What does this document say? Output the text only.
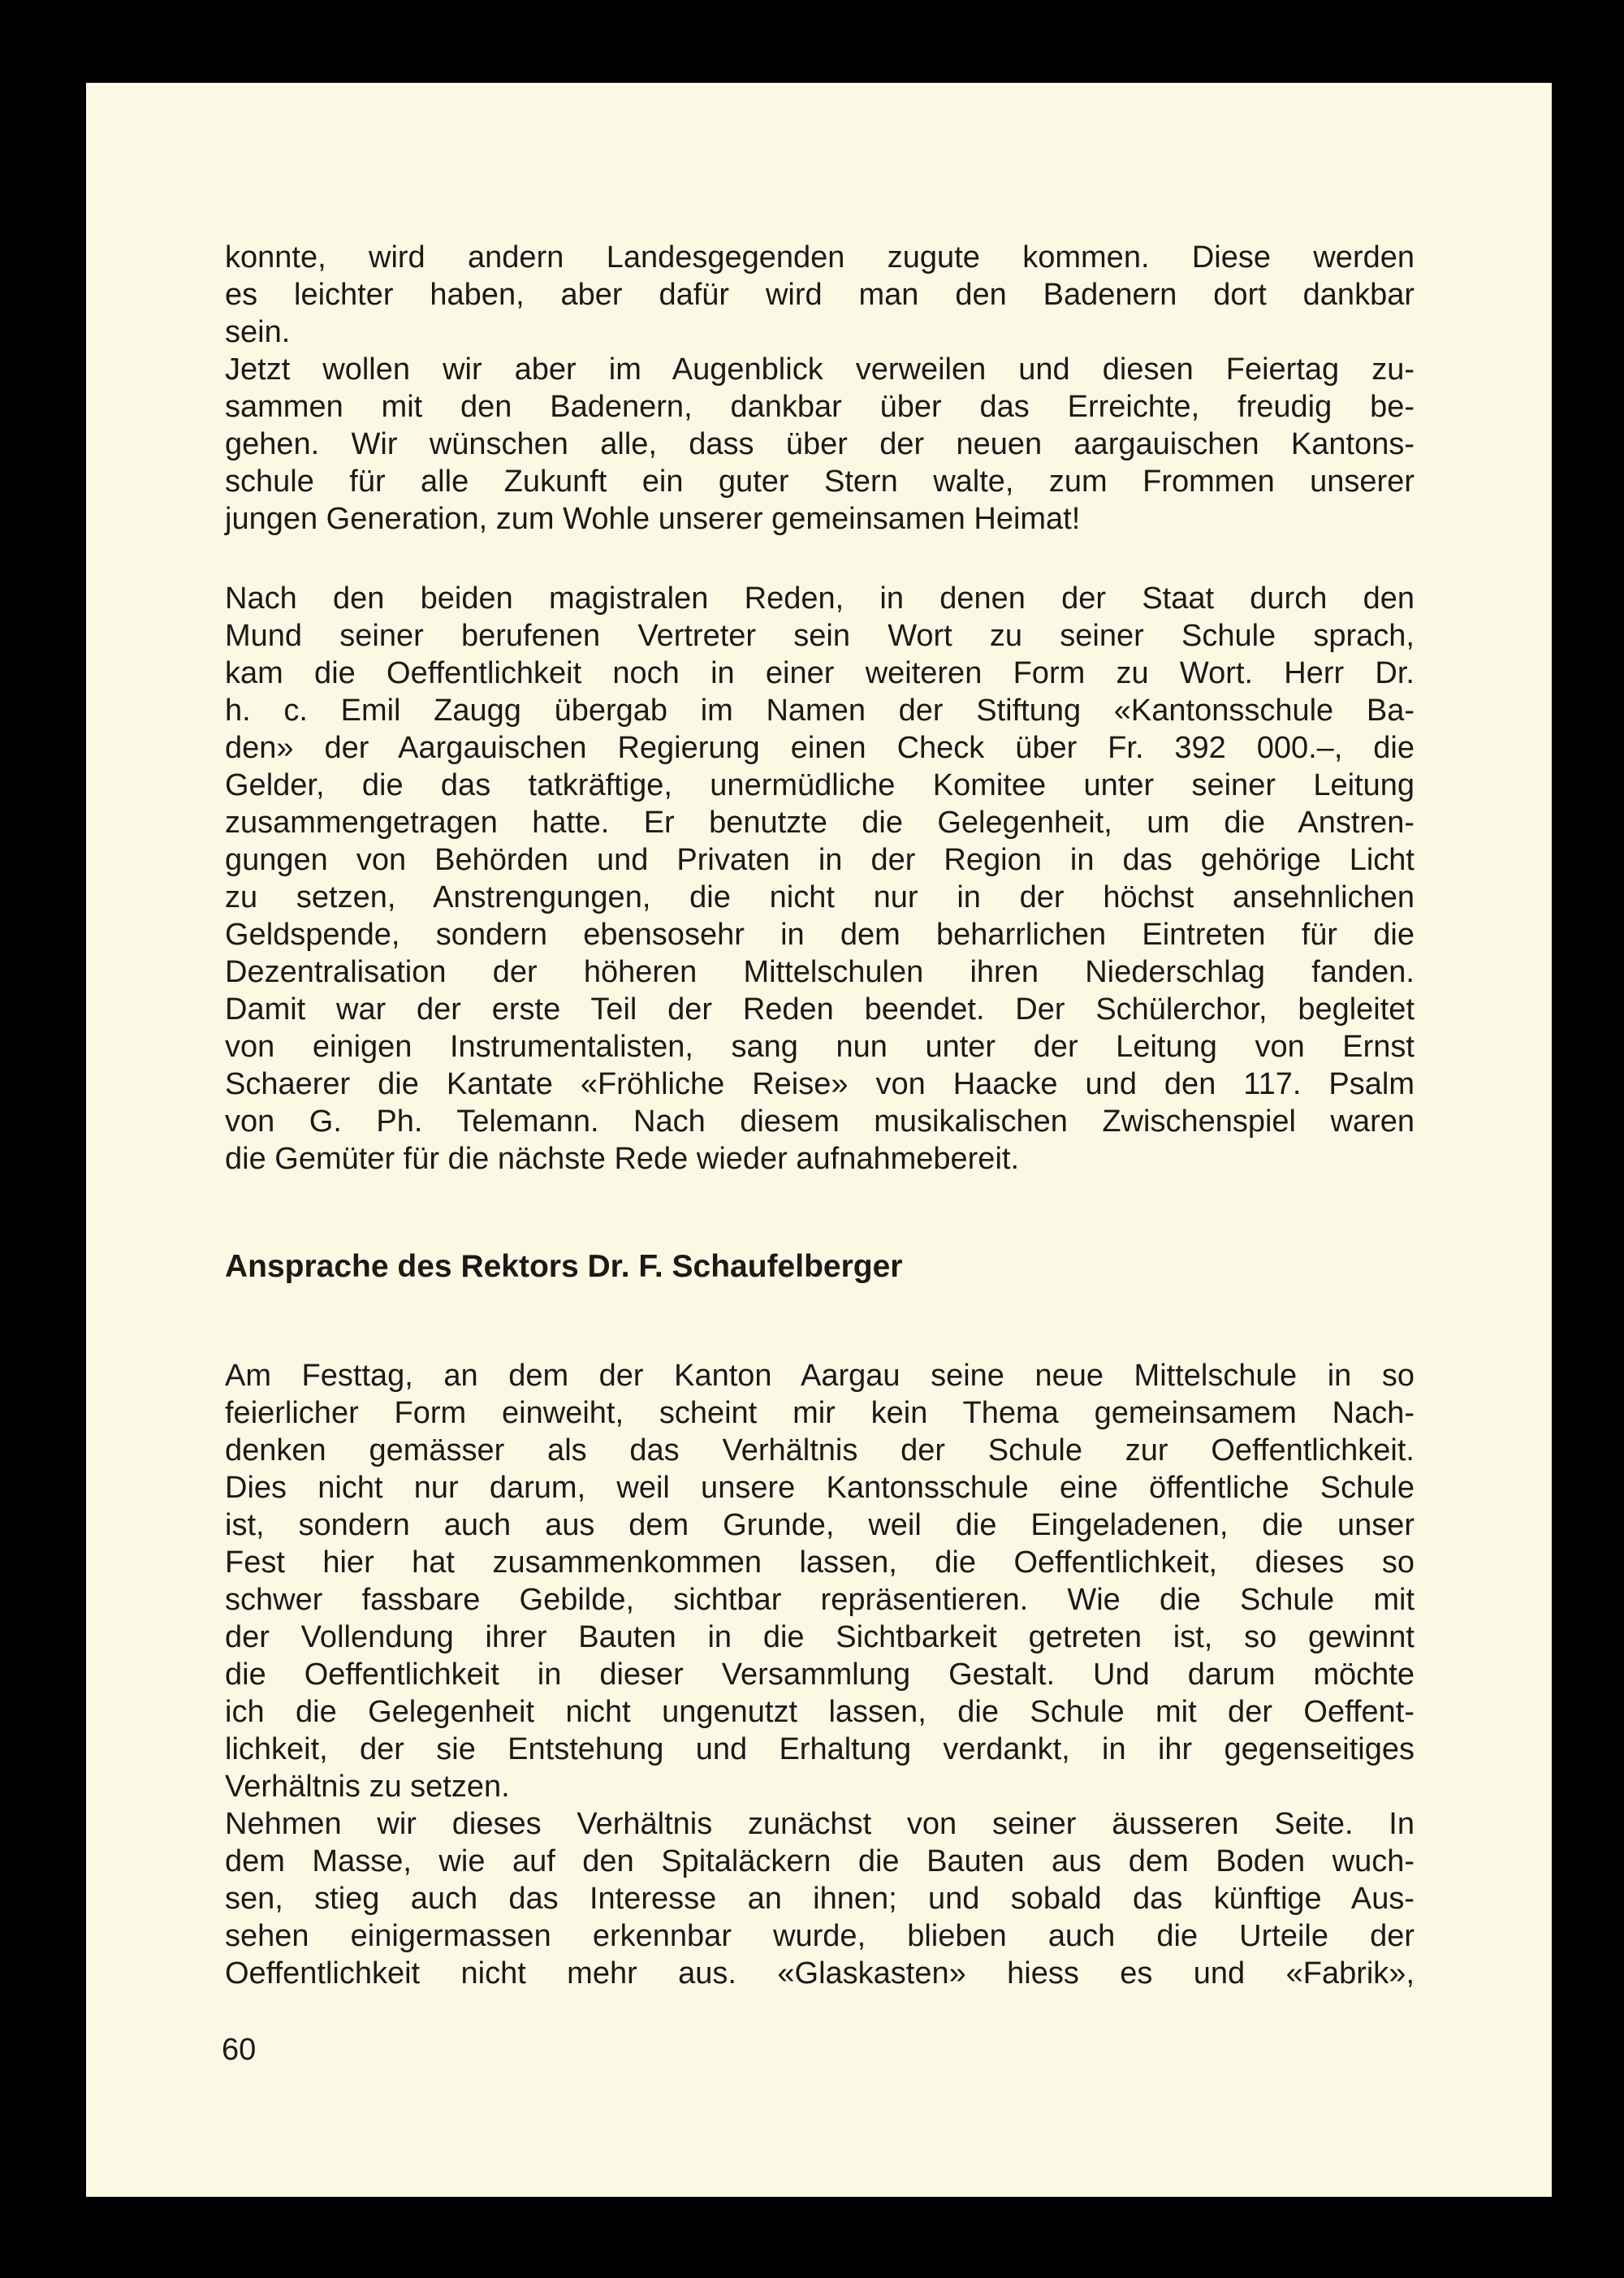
konnte, wird andern Landesgegenden zugute kommen. Diese werden
es leichter haben, aber dafür wird man den Badenern dort dankbar
sein.
Jetzt wollen wir aber im Augenblick verweilen und diesen Feiertag zu-
sammen mit den Badenern, dankbar über das Erreichte, freudig be-
gehen. Wir wünschen alle, dass über der neuen aargauischen Kantons-
schule für alle Zukunft ein guter Stern walte, zum Frommen unserer
jungen Generation, zum Wohle unserer gemeinsamen Heimat!
Nach den beiden magistralen Reden, in denen der Staat durch den
Mund seiner berufenen Vertreter sein Wort zu seiner Schule sprach,
kam die Oeffentlichkeit noch in einer weiteren Form zu Wort. Herr Dr.
h. c. Emil Zaugg übergab im Namen der Stiftung «Kantonsschule Ba-
den» der Aargauischen Regierung einen Check über Fr. 392 000.–, die
Gelder, die das tatkräftige, unermüdliche Komitee unter seiner Leitung
zusammengetragen hatte. Er benutzte die Gelegenheit, um die Anstren-
gungen von Behörden und Privaten in der Region in das gehörige Licht
zu setzen, Anstrengungen, die nicht nur in der höchst ansehnlichen
Geldspende, sondern ebensosehr in dem beharrlichen Eintreten für die
Dezentralisation der höheren Mittelschulen ihren Niederschlag fanden.
Damit war der erste Teil der Reden beendet. Der Schülerchor, begleitet
von einigen Instrumentalisten, sang nun unter der Leitung von Ernst
Schaerer die Kantate «Fröhliche Reise» von Haacke und den 117. Psalm
von G. Ph. Telemann. Nach diesem musikalischen Zwischenspiel waren
die Gemüter für die nächste Rede wieder aufnahmebereit.
Ansprache des Rektors Dr. F. Schaufelberger
Am Festtag, an dem der Kanton Aargau seine neue Mittelschule in so
feierlicher Form einweiht, scheint mir kein Thema gemeinsamem Nach-
denken gemässer als das Verhältnis der Schule zur Oeffentlichkeit.
Dies nicht nur darum, weil unsere Kantonsschule eine öffentliche Schule
ist, sondern auch aus dem Grunde, weil die Eingeladenen, die unser
Fest hier hat zusammenkommen lassen, die Oeffentlichkeit, dieses so
schwer fassbare Gebilde, sichtbar repräsentieren. Wie die Schule mit
der Vollendung ihrer Bauten in die Sichtbarkeit getreten ist, so gewinnt
die Oeffentlichkeit in dieser Versammlung Gestalt. Und darum möchte
ich die Gelegenheit nicht ungenutzt lassen, die Schule mit der Oeffent-
lichkeit, der sie Entstehung und Erhaltung verdankt, in ihr gegenseitiges
Verhältnis zu setzen.
Nehmen wir dieses Verhältnis zunächst von seiner äusseren Seite. In
dem Masse, wie auf den Spitaläckern die Bauten aus dem Boden wuch-
sen, stieg auch das Interesse an ihnen; und sobald das künftige Aus-
sehen einigermassen erkennbar wurde, blieben auch die Urteile der
Oeffentlichkeit nicht mehr aus. «Glaskasten» hiess es und «Fabrik»,
60
